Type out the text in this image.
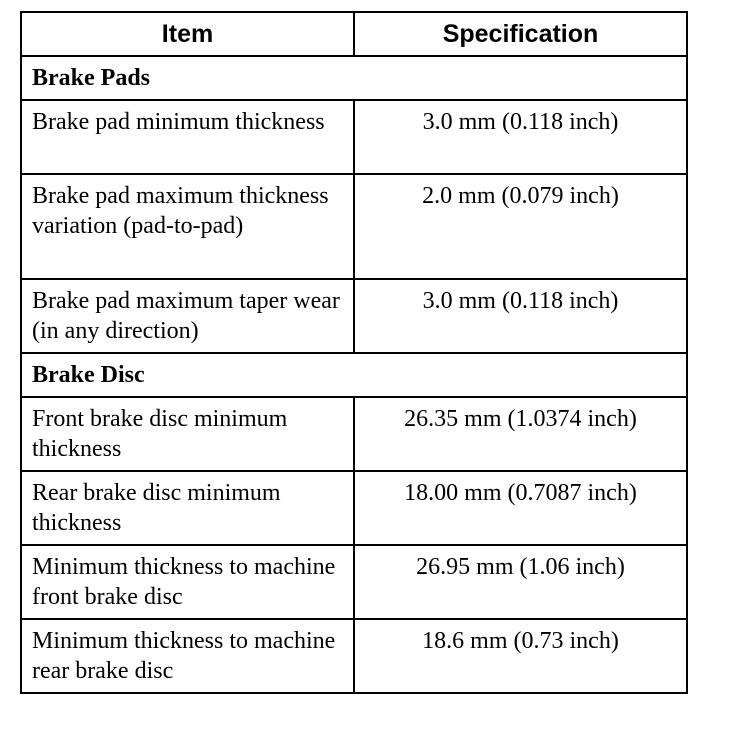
Item	Specification
Brake Pads	
Brake pad minimum thickness	3.0 mm (0.118 inch)
Brake pad maximum thickness variation (pad-to-pad)	2.0 mm (0.079 inch)
Brake pad maximum taper wear (in any direction)	3.0 mm (0.118 inch)
Brake Disc	
Front brake disc minimum thickness	26.35 mm (1.0374 inch)
Rear brake disc minimum thickness	18.00 mm (0.7087 inch)
Minimum thickness to machine front brake disc	26.95 mm (1.06 inch)
Minimum thickness to machine rear brake disc	18.6 mm (0.73 inch)
